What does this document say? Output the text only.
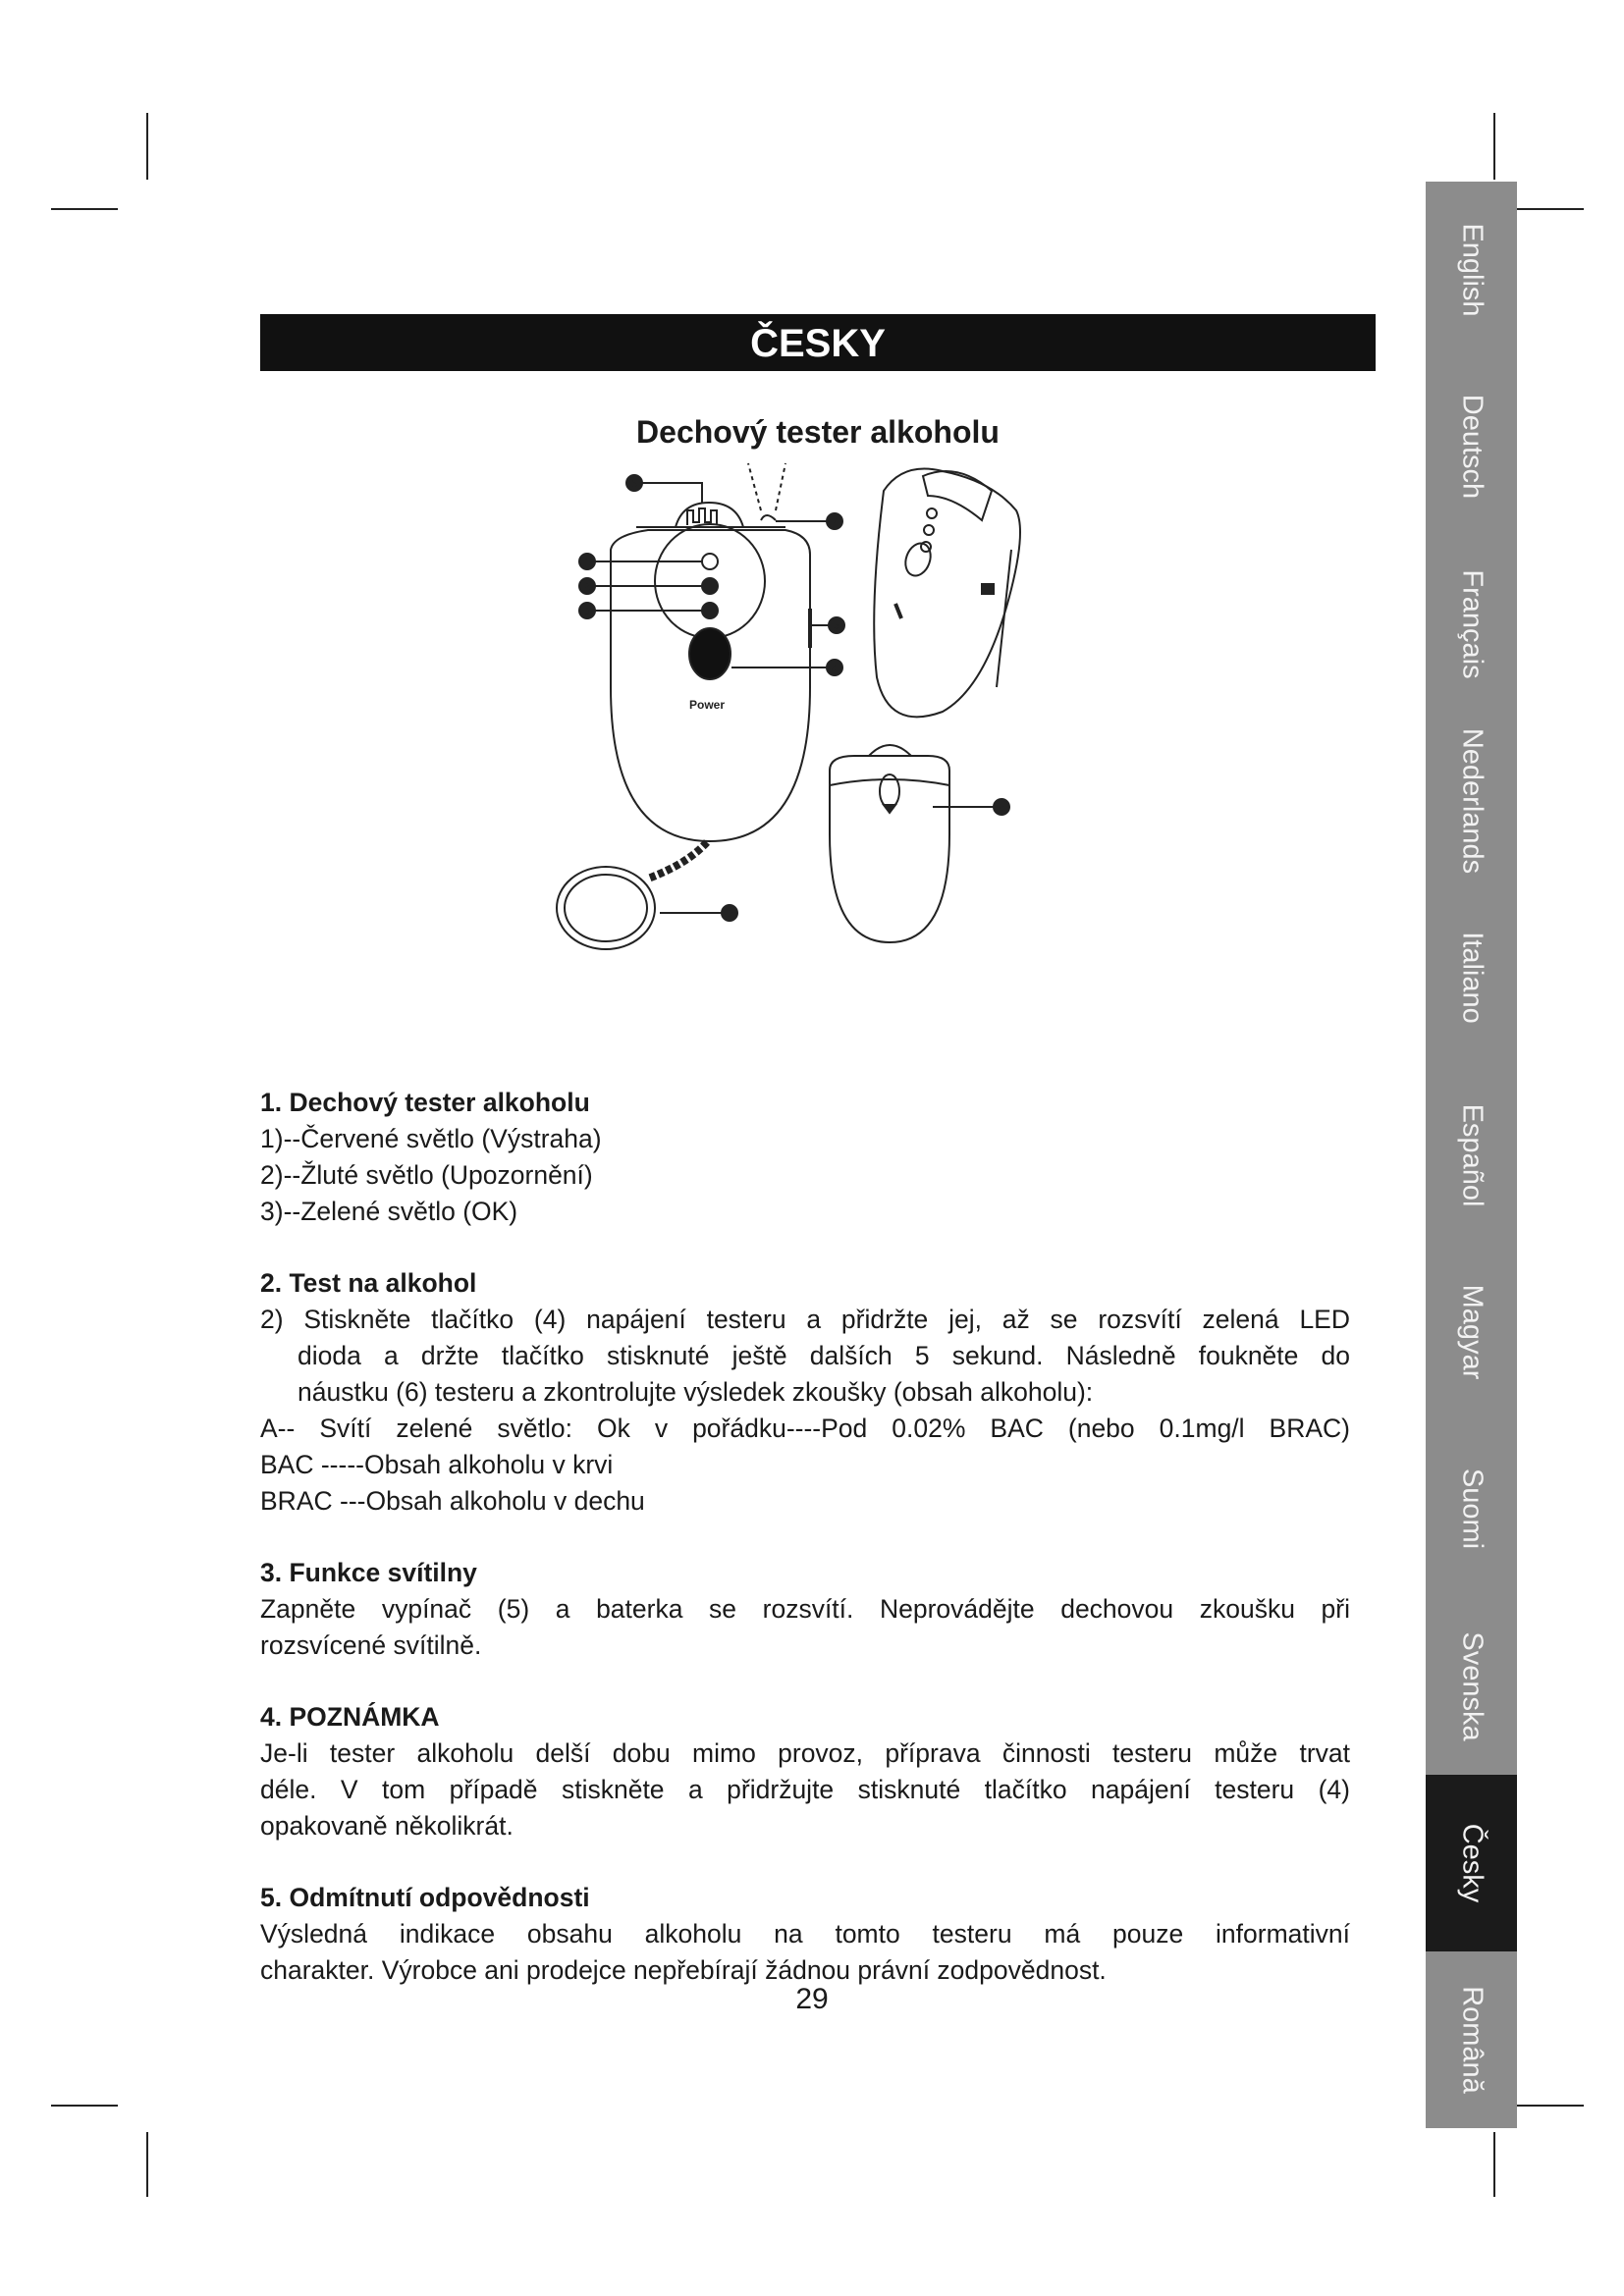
ČESKY
Dechový tester alkoholu
Power
1
2
3
4
5
6
7
8
9
1. Dechový tester alkoholu
1)--Červené světlo (Výstraha)
2)--Žluté světlo (Upozornění)
3)--Zelené světlo (OK)
2. Test na alkohol
2) Stiskněte tlačítko (4) napájení testeru a přidržte jej, až se rozsvítí zelená LED
dioda a držte tlačítko stisknuté ještě dalších 5 sekund. Následně foukněte do
náustku (6) testeru a zkontrolujte výsledek zkoušky (obsah alkoholu):
A-- Svítí zelené světlo: Ok v pořádku----Pod 0.02% BAC (nebo 0.1mg/l BRAC)
BAC -----Obsah alkoholu v krvi
BRAC ---Obsah alkoholu v dechu
3. Funkce svítilny
Zapněte vypínač (5) a baterka se rozsvítí. Neprovádějte dechovou zkoušku při
rozsvícené svítilně.
4. POZNÁMKA
Je-li tester alkoholu delší dobu mimo provoz, příprava činnosti testeru může trvat
déle. V tom případě stiskněte a přidržujte stisknuté tlačítko napájení testeru (4)
opakovaně několikrát.
5. Odmítnutí odpovědnosti
Výsledná indikace obsahu alkoholu na tomto testeru má pouze informativní
charakter. Výrobce ani prodejce nepřebírají žádnou právní zodpovědnost.
29
English
Deutsch
Français
Nederlands
Italiano
Español
Magyar
Suomi
Svenska
Česky
Română
